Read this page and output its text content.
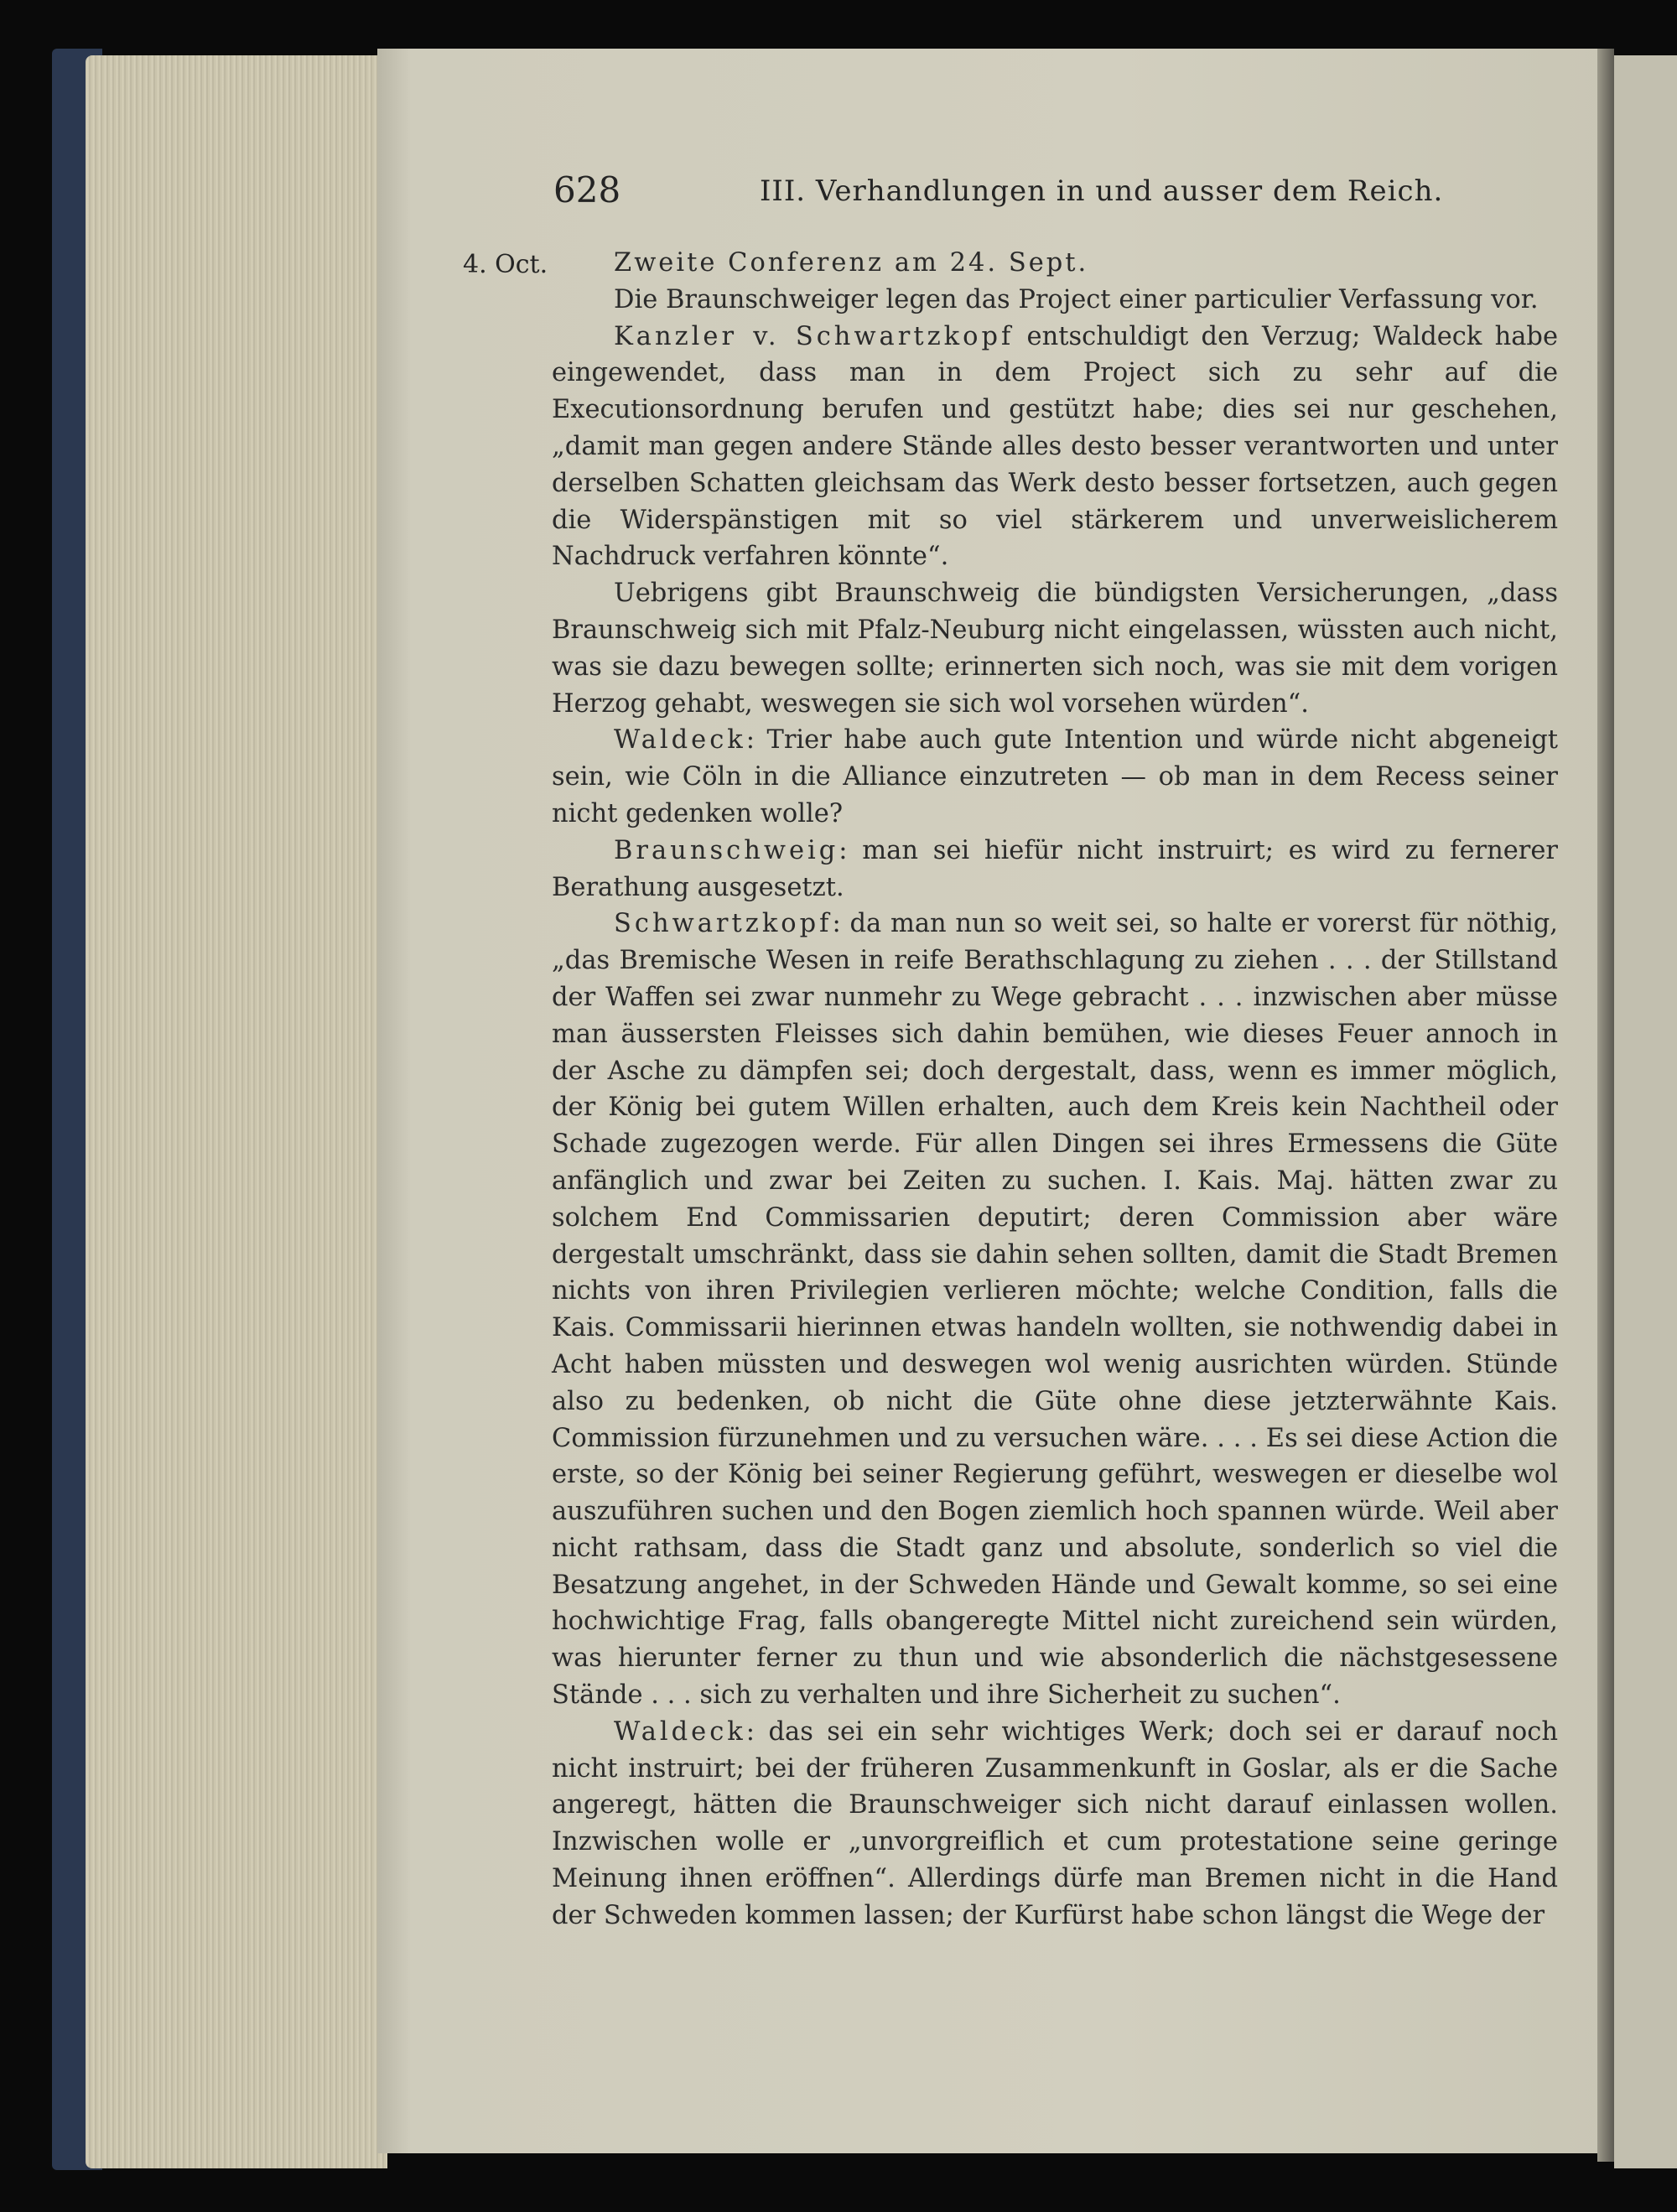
628	III. Verhandlungen in und ausser dem Reich.
4. Oct.	Zweite Conferenz am 24. Sept.

Die Braunschweiger legen das Project einer particulier Verfassung vor.

Kanzler v. Schwartzkopf entschuldigt den Verzug; Waldeck habe eingewendet, dass man in dem Project sich zu sehr auf die Executionsordnung berufen und gestützt habe; dies sei nur geschehen, „damit man gegen andere Stände alles desto besser verantworten und unter derselben Schatten gleichsam das Werk desto besser fortsetzen, auch gegen die Widerspänstigen mit so viel stärkerem und unverweislicherem Nachdruck verfahren könnte“.

Uebrigens gibt Braunschweig die bündigsten Versicherungen, „dass Braunschweig sich mit Pfalz-Neuburg nicht eingelassen, wüssten auch nicht, was sie dazu bewegen sollte; erinnerten sich noch, was sie mit dem vorigen Herzog gehabt, weswegen sie sich wol vorsehen würden“.

Waldeck: Trier habe auch gute Intention und würde nicht abgeneigt sein, wie Cöln in die Alliance einzutreten — ob man in dem Recess seiner nicht gedenken wolle?

Braunschweig: man sei hiefür nicht instruirt; es wird zu fernerer Berathung ausgesetzt.

Schwartzkopf: da man nun so weit sei, so halte er vorerst für nöthig, „das Bremische Wesen in reife Berathschlagung zu ziehen . . . der Stillstand der Waffen sei zwar nunmehr zu Wege gebracht . . . inzwischen aber müsse man äussersten Fleisses sich dahin bemühen, wie dieses Feuer annoch in der Asche zu dämpfen sei; doch dergestalt, dass, wenn es immer möglich, der König bei gutem Willen erhalten, auch dem Kreis kein Nachtheil oder Schade zugezogen werde. Für allen Dingen sei ihres Ermessens die Güte anfänglich und zwar bei Zeiten zu suchen. I. Kais. Maj. hätten zwar zu solchem End Commissarien deputirt; deren Commission aber wäre dergestalt umschränkt, dass sie dahin sehen sollten, damit die Stadt Bremen nichts von ihren Privilegien verlieren möchte; welche Condition, falls die Kais. Commissarii hierinnen etwas handeln wollten, sie nothwendig dabei in Acht haben müssten und deswegen wol wenig ausrichten würden. Stünde also zu bedenken, ob nicht die Güte ohne diese jetzterwähnte Kais. Commission fürzunehmen und zu versuchen wäre. . . . Es sei diese Action die erste, so der König bei seiner Regierung geführt, weswegen er dieselbe wol auszuführen suchen und den Bogen ziemlich hoch spannen würde. Weil aber nicht rathsam, dass die Stadt ganz und absolute, sonderlich so viel die Besatzung angehet, in der Schweden Hände und Gewalt komme, so sei eine hochwichtige Frag, falls obangeregte Mittel nicht zureichend sein würden, was hierunter ferner zu thun und wie absonderlich die nächstgesessene Stände . . . sich zu verhalten und ihre Sicherheit zu suchen“.

Waldeck: das sei ein sehr wichtiges Werk; doch sei er darauf noch nicht instruirt; bei der früheren Zusammenkunft in Goslar, als er die Sache angeregt, hätten die Braunschweiger sich nicht darauf einlassen wollen. Inzwischen wolle er „unvorgreiflich et cum protestatione seine geringe Meinung ihnen eröffnen“. Allerdings dürfe man Bremen nicht in die Hand der Schweden kommen lassen; der Kurfürst habe schon längst die Wege der
